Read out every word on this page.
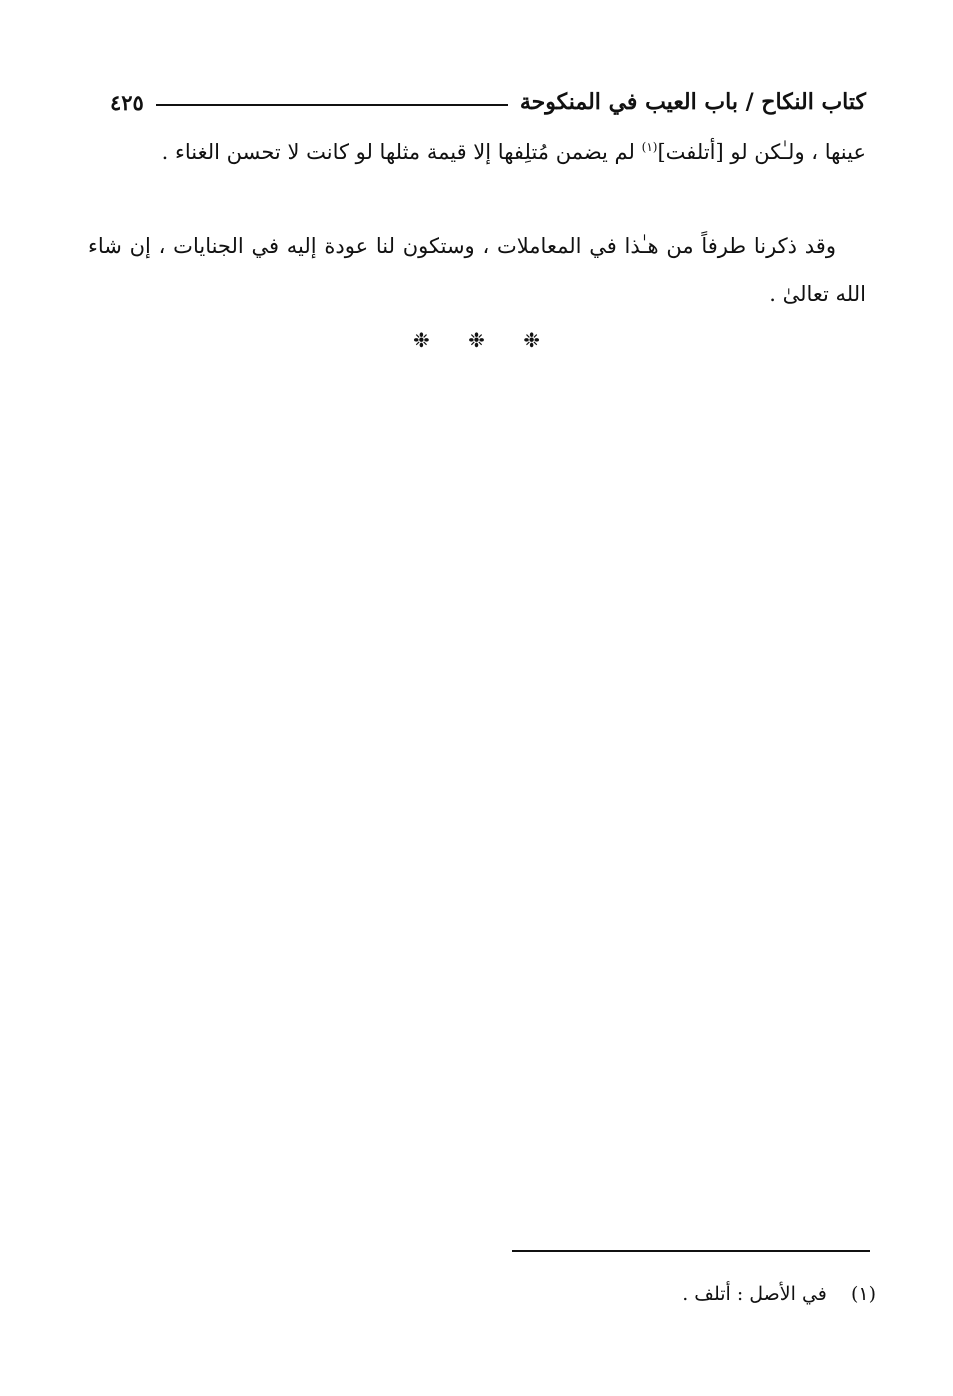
كتاب النكاح / باب العيب في المنكوحة
٤٢٥
عينها ، ولـٰكن لو [أتلفت]$^{(١)}$ لم يضمن مُتلِفها إلا قيمة مثلها لو كانت لا تحسن الغناء .
وقد ذكرنا طرفاً من هـٰذا في المعاملات ، وستكون لنا عودة إليه في الجنايات ، إن شاء الله تعالىٰ .
❉ ❉ ❉
(١) في الأصل : أتلف .
